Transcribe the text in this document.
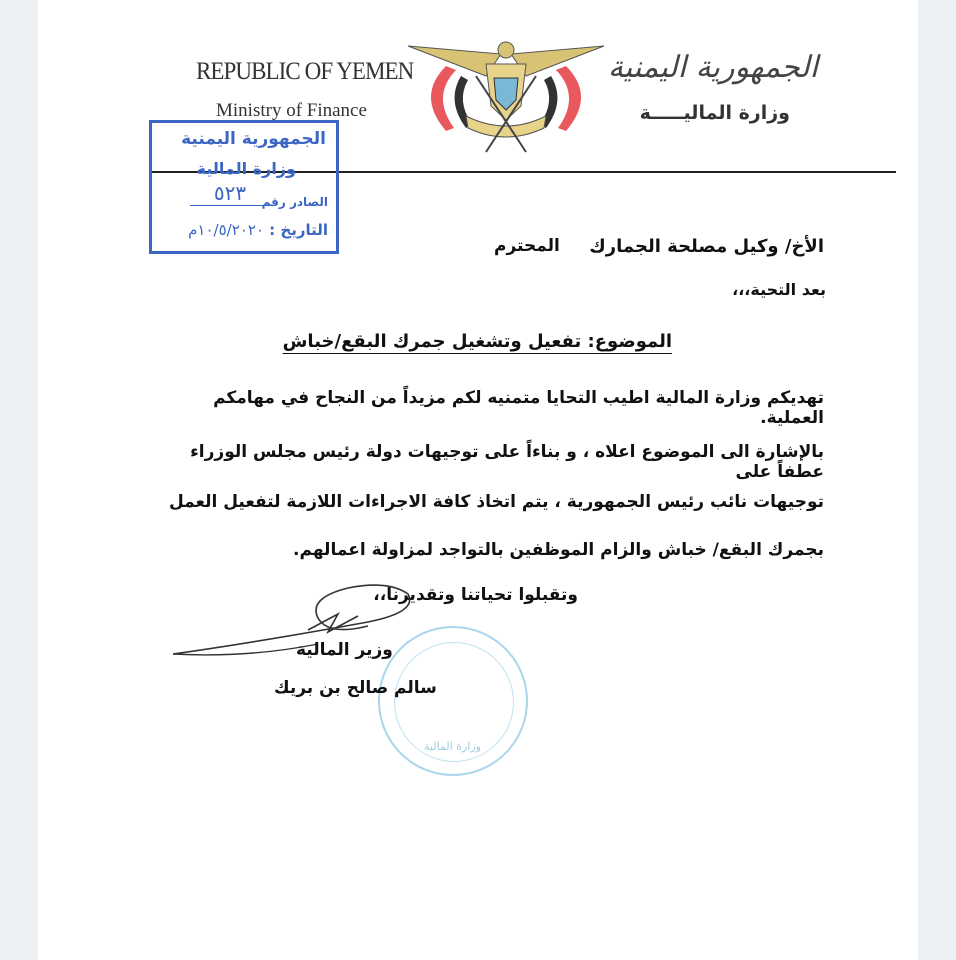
REPUBLIC OF YEMEN
Ministry of Finance
الجمهورية اليمنية
وزارة الماليـــــة
الجمهورية اليمنية
وزارة المالية
٥٢٣	الصادر رقم
التاريخ : ١٠/٥/٢٠٢٠م
الأخ/ وكيل مصلحة الجمارك
المحترم
بعد التحية،،،
الموضوع: تفعيل وتشغيل جمرك البقع/خباش
تهديكم وزارة المالية اطيب التحايا متمنيه لكم مزيداً من النجاح في مهامكم العملية.
بالإشارة الى الموضوع اعلاه ، و بناءاً على توجيهات دولة رئيس مجلس الوزراء عطفاً على
توجيهات نائب رئيس الجمهورية ، يتم اتخاذ كافة الاجراءات اللازمة لتفعيل العمل
بجمرك البقع/ خباش والزام الموظفين بالتواجد لمزاولة اعمالهم.
وتقبلوا تحياتنا وتقديرنا،،
وزارة المالية
وزير المالية
سالم صالح بن بريك
